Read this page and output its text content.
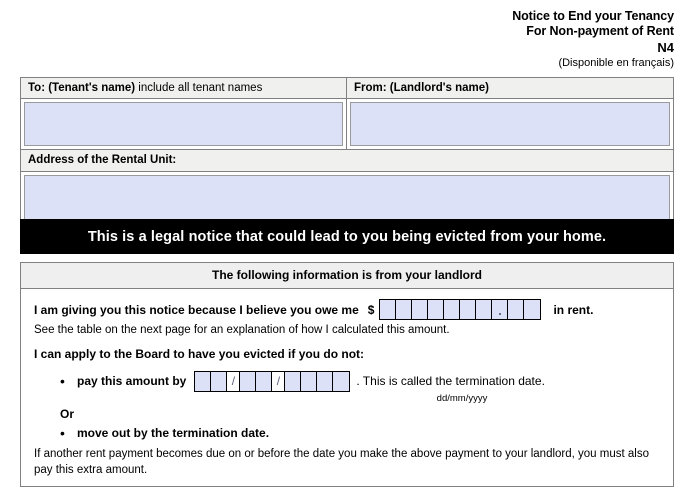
Notice to End your Tenancy
For Non-payment of Rent
N4
(Disponible en français)
To: (Tenant's name) include all tenant names	From: (Landlord's name)
Address of the Rental Unit:
This is a legal notice that could lead to you being evicted from your home.
The following information is from your landlord
I am giving you this notice because I believe you owe me $	in rent.

See the table on the next page for an explanation of how I calculated this amount.

I can apply to the Board to have you evicted if you do not:

•	pay this amount by	/	/	. This is called the termination date.
dd/mm/yyyy
Or
•	move out by the termination date.

If another rent payment becomes due on or before the date you make the above payment to your landlord, you must also pay this extra amount.
